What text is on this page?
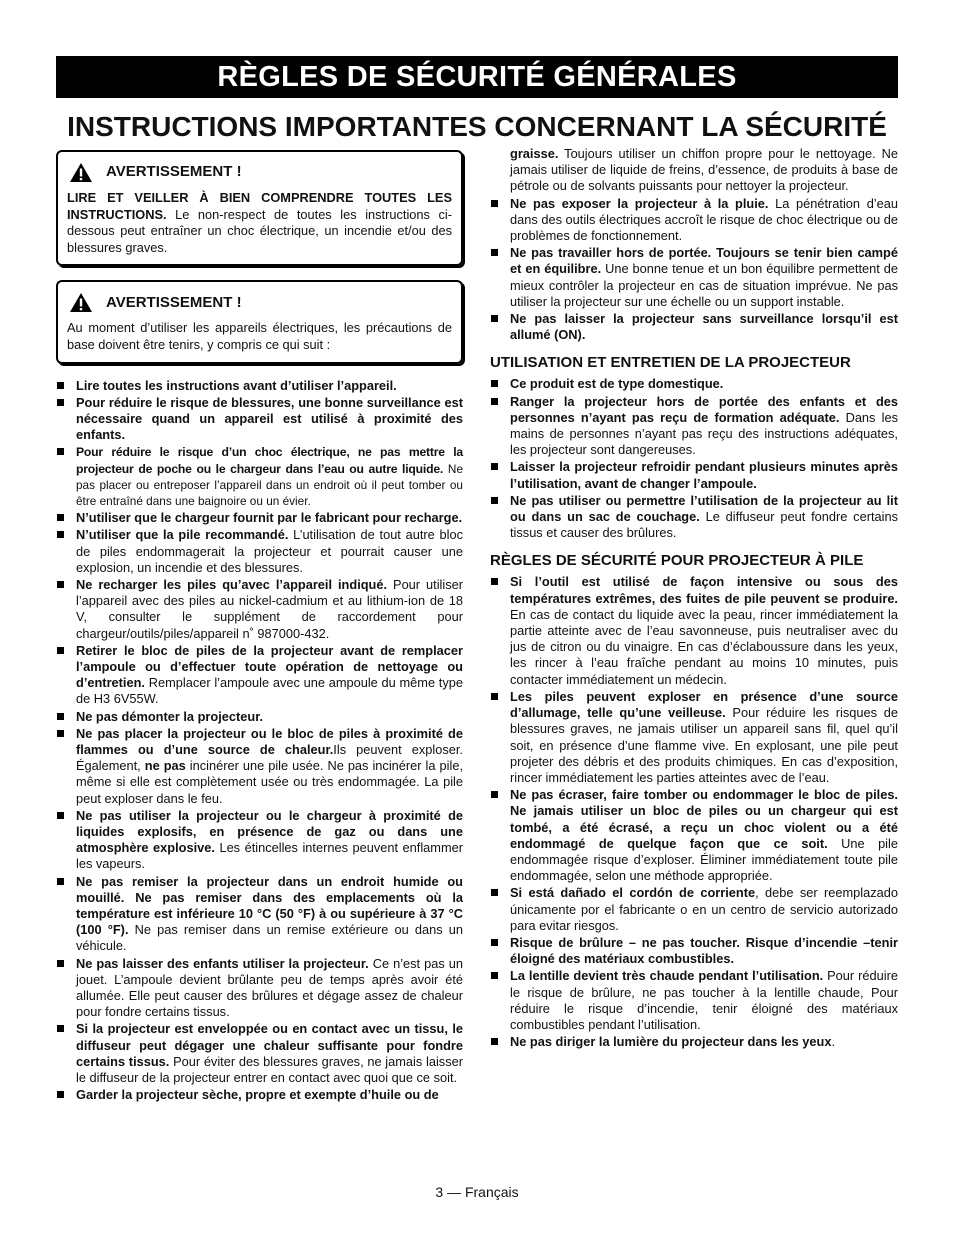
RÈGLES DE SÉCURITÉ GÉNÉRALES
INSTRUCTIONS IMPORTANTES CONCERNANT LA SÉCURITÉ
AVERTISSEMENT !
LIRE ET VEILLER À BIEN COMPRENDRE TOUTES LES INSTRUCTIONS. Le non-respect de toutes les instructions ci-dessous peut entraîner un choc électrique, un incendie et/ou des blessures graves.
AVERTISSEMENT !
Au moment d’utiliser les appareils électriques, les précautions de base doivent être tenirs, y compris ce qui suit :
Lire toutes les instructions avant d’utiliser l’appareil.
Pour réduire le risque de blessures, une bonne surveillance est nécessaire quand un appareil est utilisé à proximité des enfants.
Pour réduire le risque d’un choc électrique, ne pas mettre la projecteur de poche ou le chargeur dans l’eau ou autre liquide. Ne pas placer ou entreposer l’appareil dans un endroit où il peut tomber ou être entraîné dans une baignoire ou un évier.
N’utiliser que le chargeur fournit par le fabricant pour recharge.
N’utiliser que la pile recommandé. L’utilisation de tout autre bloc de piles endommagerait la projecteur et pourrait causer une explosion, un incendie et des blessures.
Ne recharger les piles qu’avec l’appareil indiqué. Pour utiliser l’appareil avec des piles au nickel-cadmium et au lithium-ion de 18 V, consulter le supplément de raccordement pour chargeur/outils/piles/appareil n˚ 987000-432.
Retirer le bloc de piles de la projecteur avant de remplacer l’ampoule ou d’effectuer toute opération de nettoyage ou d’entretien. Remplacer l’ampoule avec une ampoule du même type de H3 6V55W.
Ne pas démonter la projecteur.
Ne pas placer la projecteur ou le bloc de piles à proximité de flammes ou d’une source de chaleur.Ils peuvent exploser. Également, ne pas incinérer une pile usée. Ne pas incinérer la pile, même si elle est complètement usée ou très endommagée. La pile peut exploser dans le feu.
Ne pas utiliser la projecteur ou le chargeur à proximité de liquides explosifs, en présence de gaz ou dans une atmosphère explosive. Les étincelles internes peuvent enflammer les vapeurs.
Ne pas remiser la projecteur dans un endroit humide ou mouillé. Ne pas remiser dans des emplacements où la température est inférieure 10 °C (50 °F) à ou supérieure à 37 °C (100 °F). Ne pas remiser dans un remise extérieure ou dans un véhicule.
Ne pas laisser des enfants utiliser la projecteur. Ce n’est pas un jouet. L’ampoule devient brûlante peu de temps après avoir été allumée. Elle peut causer des brûlures et dégage assez de chaleur pour fondre certains tissus.
Si la projecteur est enveloppée ou en contact avec un tissu, le diffuseur peut dégager une chaleur suffisante pour fondre certains tissus. Pour éviter des blessures graves, ne jamais laisser le diffuseur de la projecteur entrer en contact avec quoi que ce soit.
Garder la projecteur sèche, propre et exempte d’huile ou de
graisse. Toujours utiliser un chiffon propre pour le nettoyage. Ne jamais utiliser de liquide de freins, d’essence, de produits à base de pétrole ou de solvants puissants pour nettoyer la projecteur.
Ne pas exposer la projecteur à la pluie. La pénétration d’eau dans des outils électriques accroît le risque de choc électrique ou de problèmes de fonctionnement.
Ne pas travailler hors de portée. Toujours se tenir bien campé et en équilibre. Une bonne tenue et un bon équilibre permettent de mieux contrôler la projecteur en cas de situation imprévue. Ne pas utiliser la projecteur sur une échelle ou un support instable.
Ne pas laisser la projecteur sans surveillance lorsqu’il est allumé (ON).
UTILISATION ET ENTRETIEN DE LA PROJECTEUR
Ce produit est de type domestique.
Ranger la projecteur hors de portée des enfants et des personnes n’ayant pas reçu de formation adéquate. Dans les mains de personnes n’ayant pas reçu des instructions adéquates, les projecteur sont dangereuses.
Laisser la projecteur refroidir pendant plusieurs minutes après l’utilisation, avant de changer l’ampoule.
Ne pas utiliser ou permettre l’utilisation de la projecteur au lit ou dans un sac de couchage. Le diffuseur peut fondre certains tissus et causer des brûlures.
RÈGLES DE SÉCURITÉ POUR PROJECTEUR À PILE
Si l’outil est utilisé de façon intensive ou sous des températures extrêmes, des fuites de pile peuvent se produire. En cas de contact du liquide avec la peau, rincer immédiatement la partie atteinte avec de l’eau savonneuse, puis neutraliser avec du jus de citron ou du vinaigre. En cas d’éclaboussure dans les yeux, les rincer à l’eau fraîche pendant au moins 10 minutes, puis contacter immédiatement un médecin.
Les piles peuvent exploser en présence d’une source d’allumage, telle qu’une veilleuse. Pour réduire les risques de blessures graves, ne jamais utiliser un appareil sans fil, quel qu’il soit, en présence d’une flamme vive. En explosant, une pile peut projeter des débris et des produits chimiques. En cas d’exposition, rincer immédiatement les parties atteintes avec de l’eau.
Ne pas écraser, faire tomber ou endommager le bloc de piles. Ne jamais utiliser un bloc de piles ou un chargeur qui est tombé, a été écrasé, a reçu un choc violent ou a été endommagé de quelque façon que ce soit. Une pile endommagée risque d’exploser. Éliminer immédiatement toute pile endommagée, selon une méthode appropriée.
Si está dañado el cordón de corriente, debe ser reemplazado únicamente por el fabricante o en un centro de servicio autorizado para evitar riesgos.
Risque de brûlure – ne pas toucher. Risque d’incendie –tenir éloigné des matériaux combustibles.
La lentille devient très chaude pendant l’utilisation. Pour réduire le risque de brûlure, ne pas toucher à la lentille chaude, Pour réduire le risque d’incendie, tenir éloigné des matériaux combustibles pendant l’utilisation.
Ne pas diriger la lumière du projecteur dans les yeux.
3 — Français
